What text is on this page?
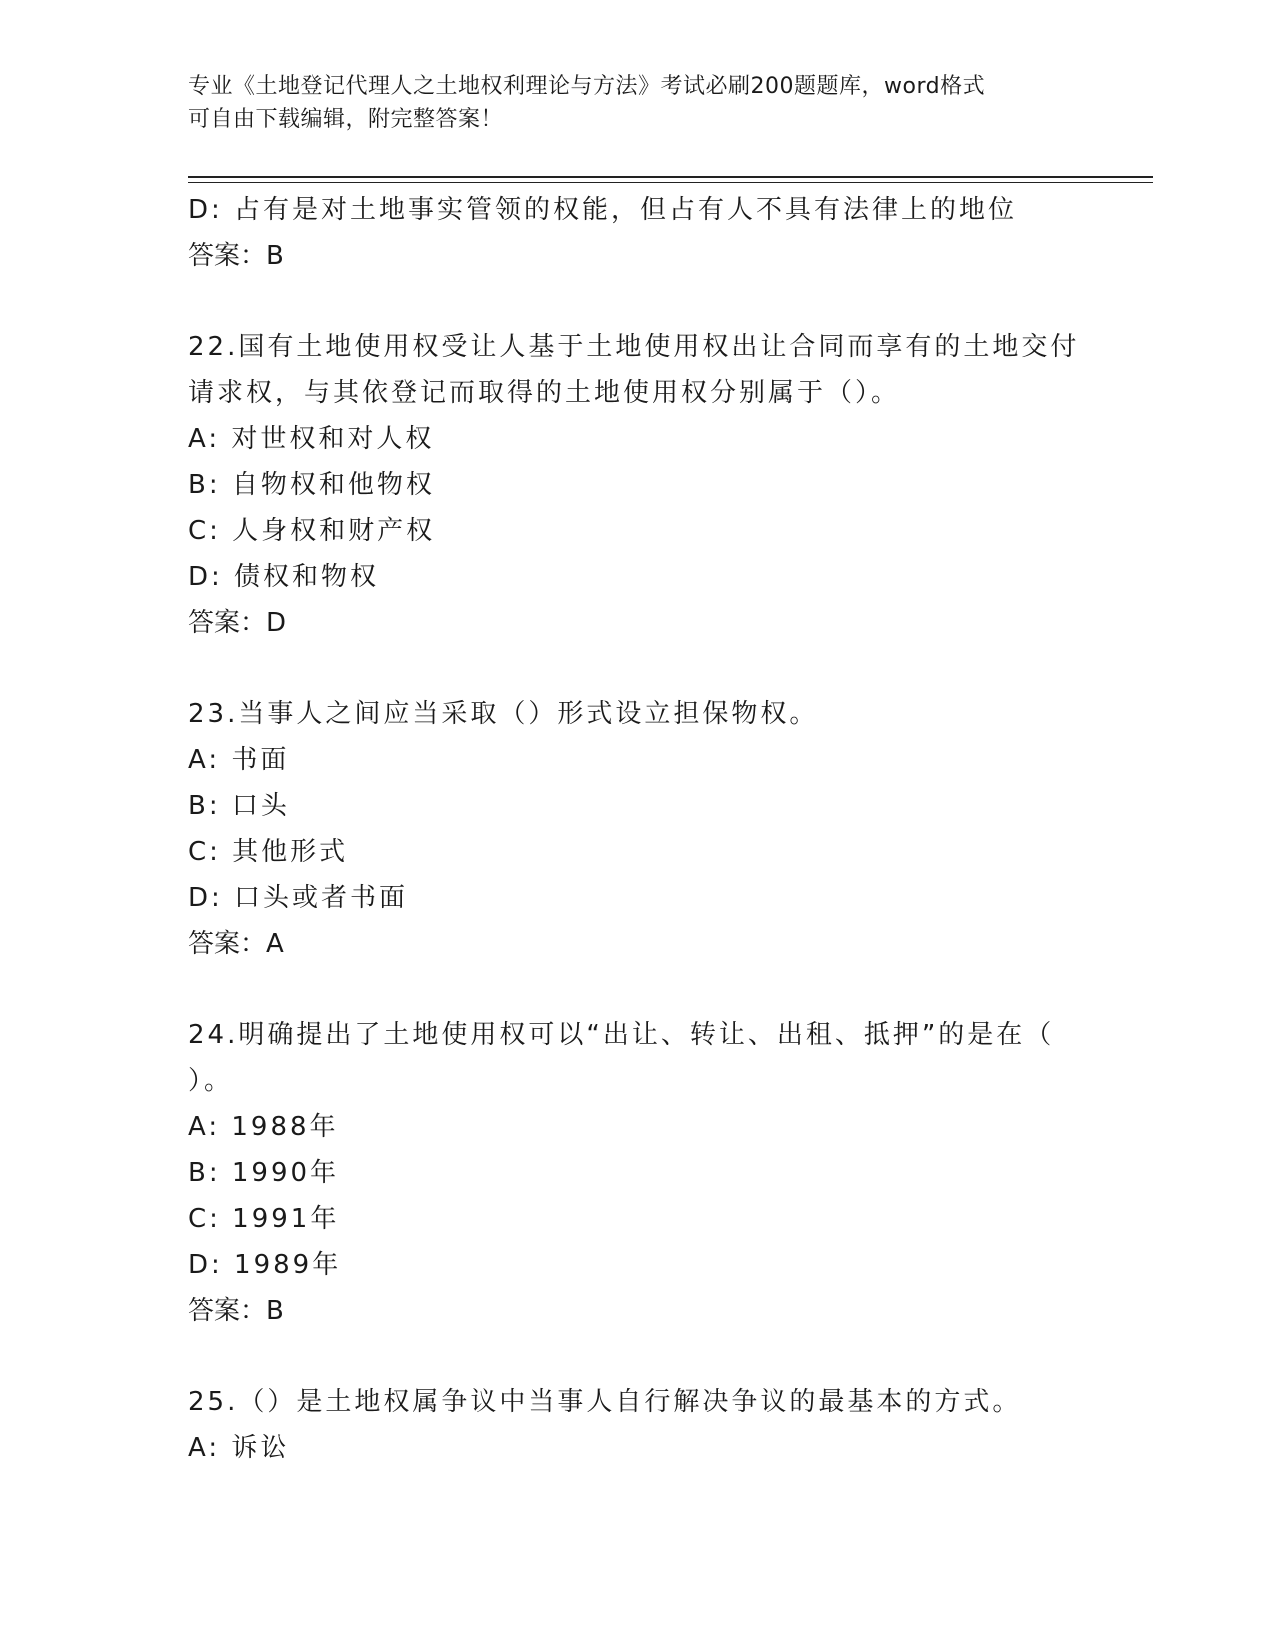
专业《土地登记代理人之土地权利理论与方法》考试必刷200题题库，word格式
可自由下载编辑，附完整答案！
D: 占有是对土地事实管领的权能，但占有人不具有法律上的地位
答案：B
22.国有土地使用权受让人基于土地使用权出让合同而享有的土地交付
请求权，与其依登记而取得的土地使用权分别属于（）。
A: 对世权和对人权
B: 自物权和他物权
C: 人身权和财产权
D: 债权和物权
答案：D
23.当事人之间应当采取（）形式设立担保物权。
A: 书面
B: 口头
C: 其他形式
D: 口头或者书面
答案：A
24.明确提出了土地使用权可以“出让、转让、出租、抵押”的是在（
）。
A: 1988年
B: 1990年
C: 1991年
D: 1989年
答案：B
25.（）是土地权属争议中当事人自行解决争议的最基本的方式。
A: 诉讼
